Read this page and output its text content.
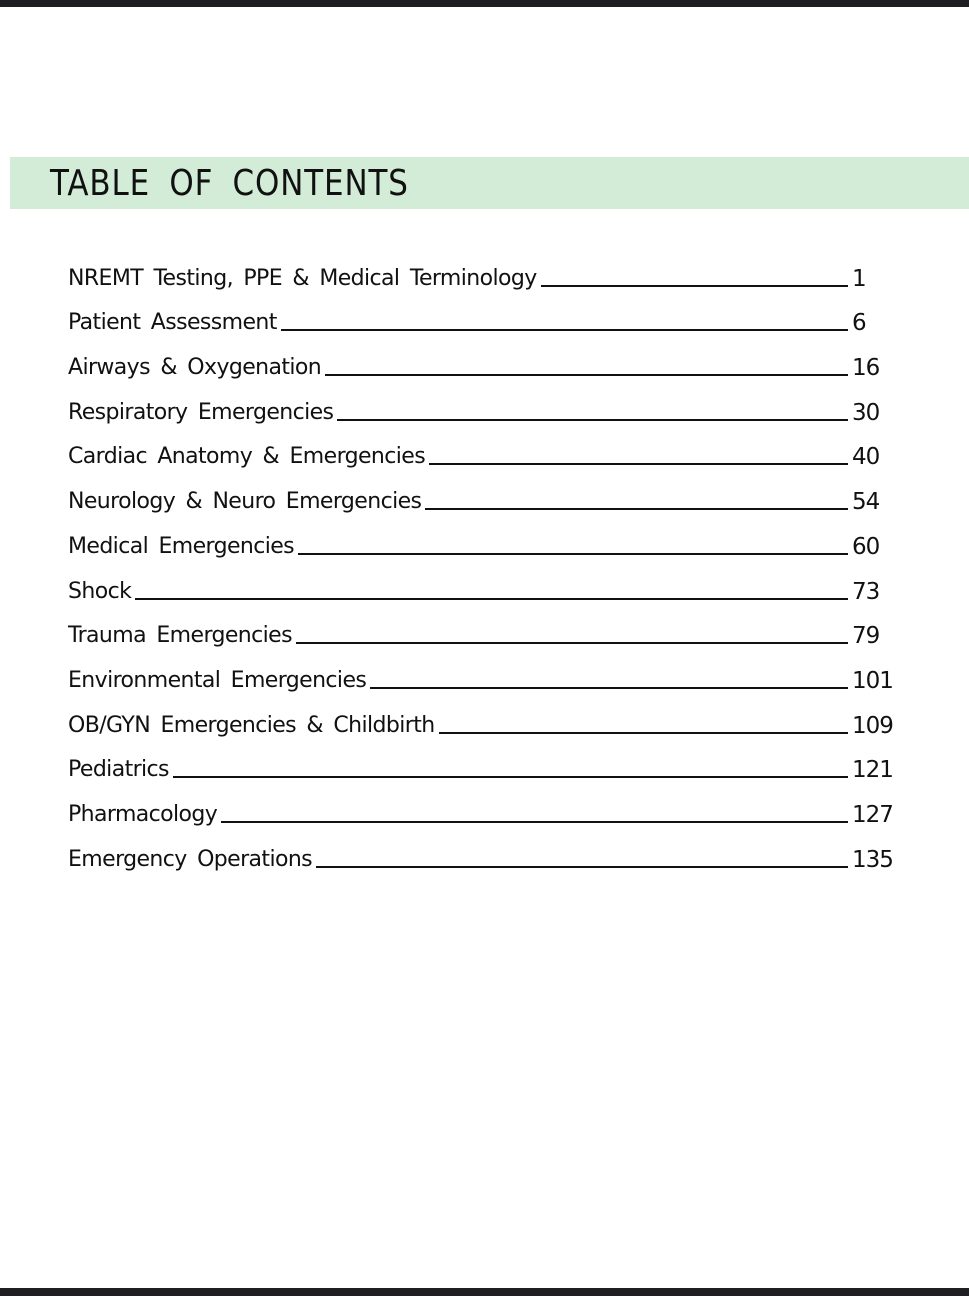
TABLE OF CONTENTS
NREMT Testing, PPE & Medical Terminology	1
Patient Assessment	6
Airways & Oxygenation	16
Respiratory Emergencies	30
Cardiac Anatomy & Emergencies	40
Neurology & Neuro Emergencies	54
Medical Emergencies	60
Shock	73
Trauma Emergencies	79
Environmental Emergencies	101
OB/GYN Emergencies & Childbirth	109
Pediatrics	121
Pharmacology	127
Emergency Operations	135
